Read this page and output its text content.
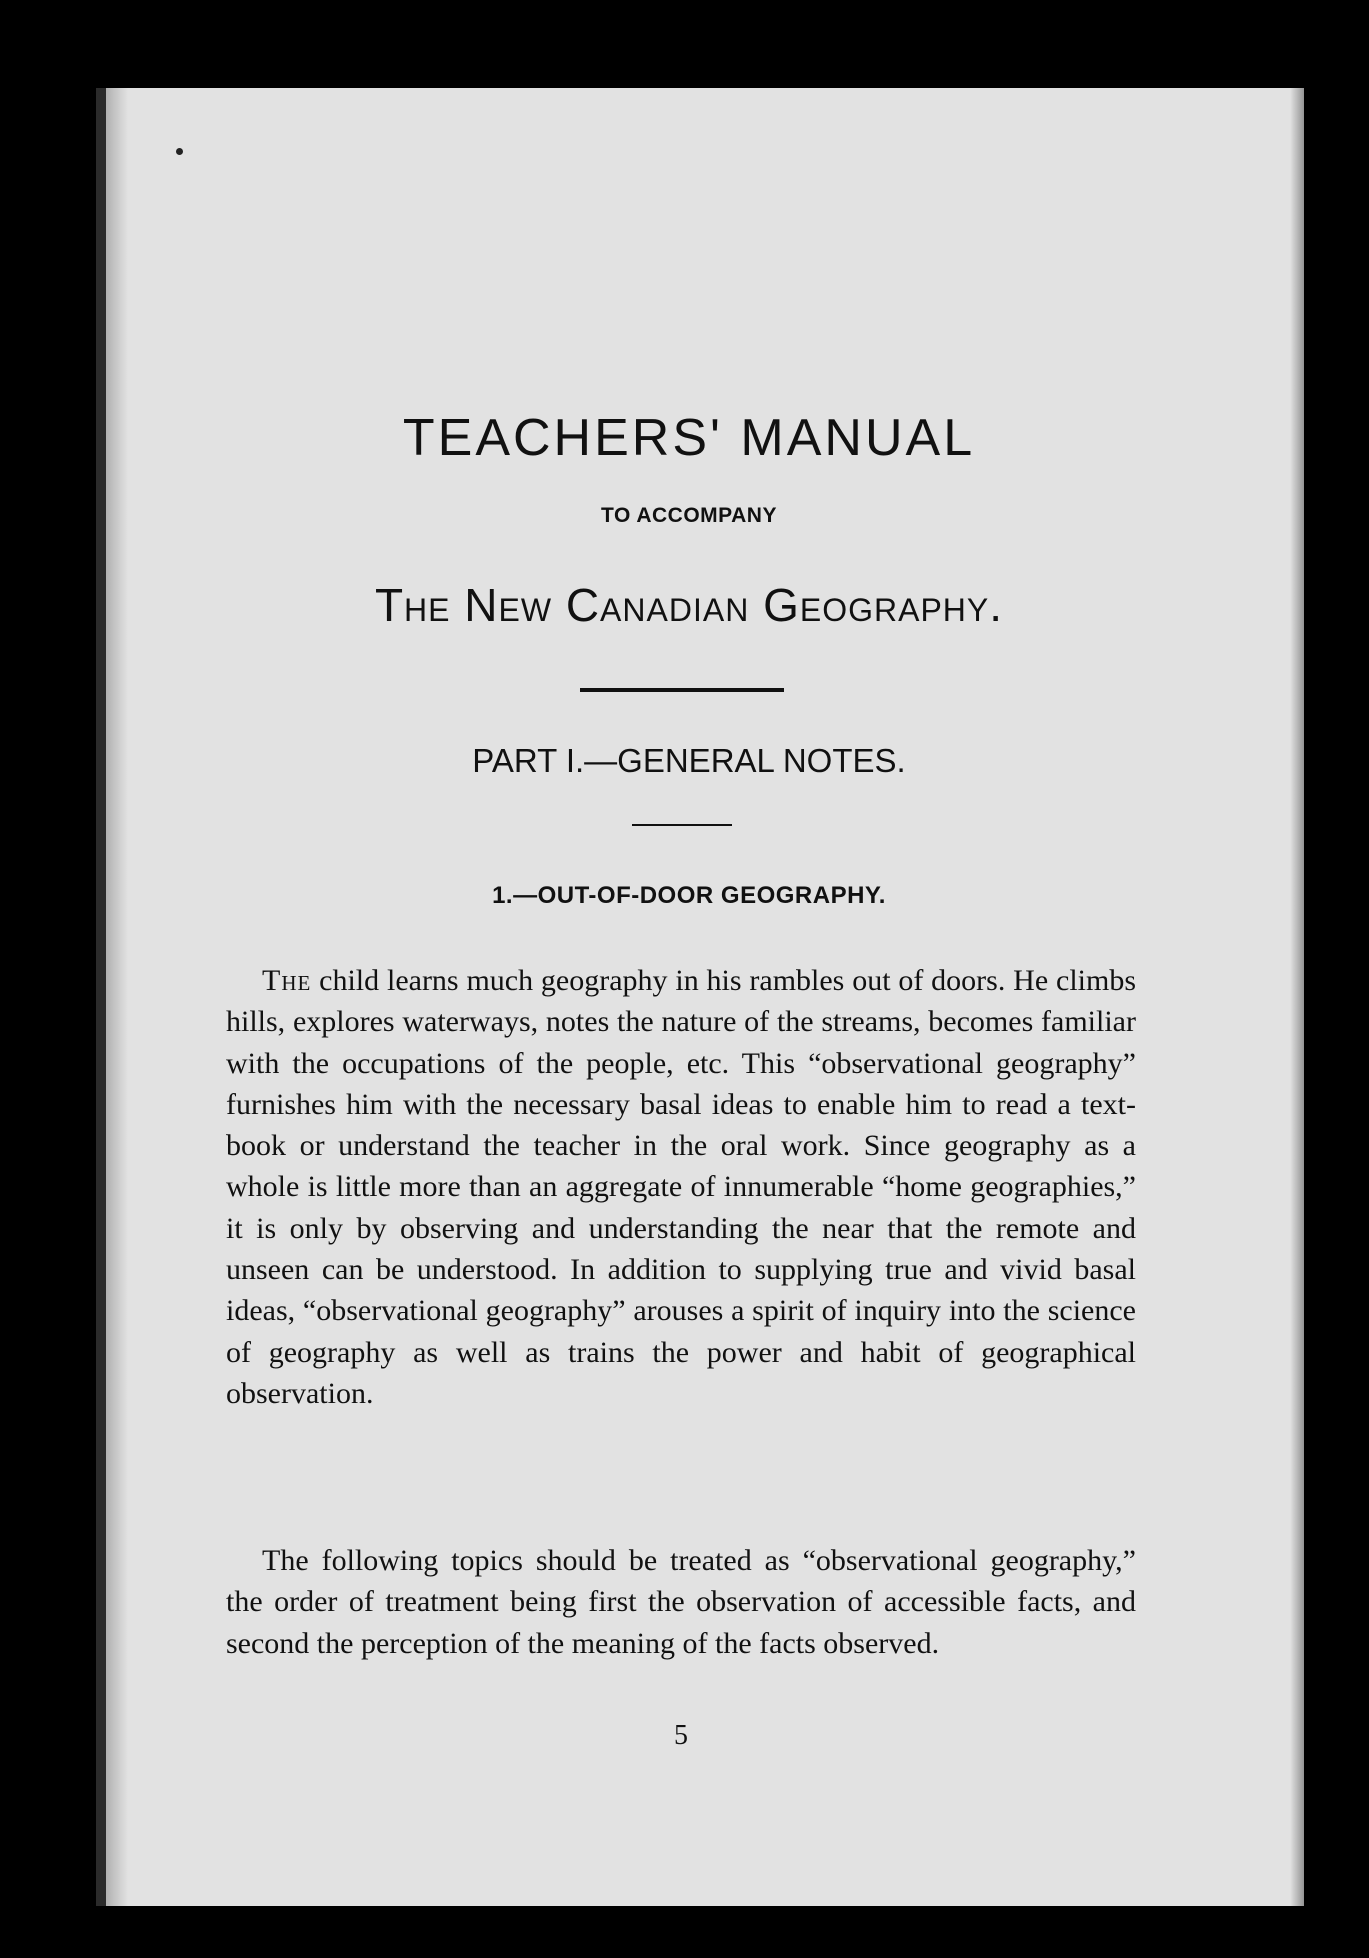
TEACHERS' MANUAL
TO ACCOMPANY
The New Canadian Geography.
PART I.—GENERAL NOTES.
1.—OUT-OF-DOOR GEOGRAPHY.

The child learns much geography in his rambles out of doors. He climbs hills, explores waterways, notes the nature of the streams, becomes familiar with the occupations of the people, etc. This “observational geography” furnishes him with the necessary basal ideas to enable him to read a text-book or understand the teacher in the oral work. Since geography as a whole is little more than an aggregate of innumerable “home geographies,” it is only by observing and understanding the near that the remote and unseen can be understood. In addition to supplying true and vivid basal ideas, “observational geography” arouses a spirit of inquiry into the science of geography as well as trains the power and habit of geographical observation.

The following topics should be treated as “observational geography,” the order of treatment being first the observation of accessible facts, and second the perception of the meaning of the facts observed.

5
